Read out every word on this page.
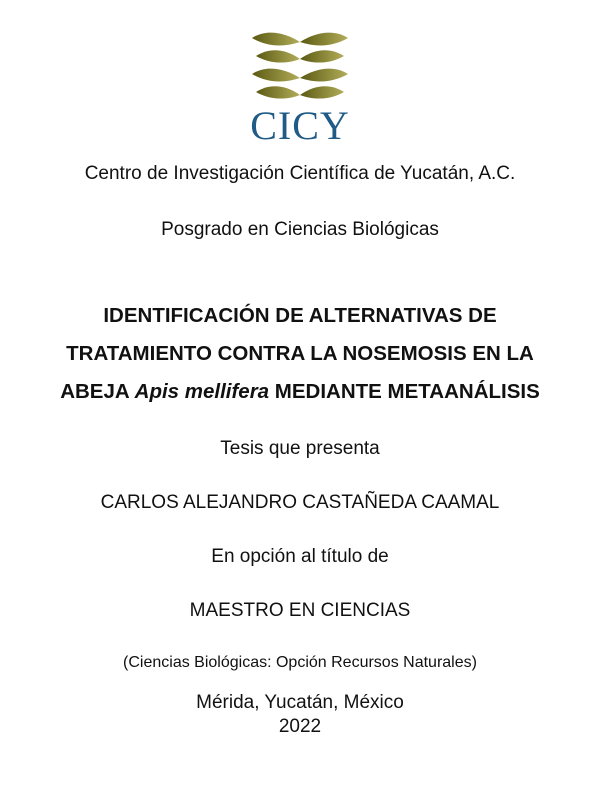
CICY
Centro de Investigación Científica de Yucatán, A.C.
Posgrado en Ciencias Biológicas
IDENTIFICACIÓN DE ALTERNATIVAS DE
TRATAMIENTO CONTRA LA NOSEMOSIS EN LA
ABEJA Apis mellifera MEDIANTE METAANÁLISIS
Tesis que presenta
CARLOS ALEJANDRO CASTAÑEDA CAAMAL
En opción al título de
MAESTRO EN CIENCIAS
(Ciencias Biológicas: Opción Recursos Naturales)
Mérida, Yucatán, México
2022
